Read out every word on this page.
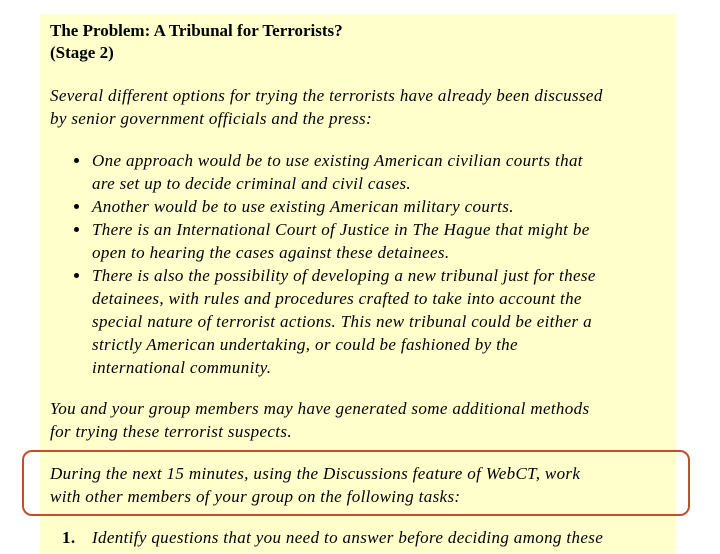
The Problem: A Tribunal for Terrorists?
(Stage 2)

Several different options for trying the terrorists have already been discussed
by senior government officials and the press:

One approach would be to use existing American civilian courts that
are set up to decide criminal and civil cases.
Another would be to use existing American military courts.
There is an International Court of Justice in The Hague that might be
open to hearing the cases against these detainees.
There is also the possibility of developing a new tribunal just for these
detainees, with rules and procedures crafted to take into account the
special nature of terrorist actions. This new tribunal could be either a
strictly American undertaking, or could be fashioned by the
international community.

You and your group members may have generated some additional methods
for trying these terrorist suspects.

During the next 15 minutes, using the Discussions feature of WebCT, work
with other members of your group on the following tasks:

1. Identify questions that you need to answer before deciding among these
